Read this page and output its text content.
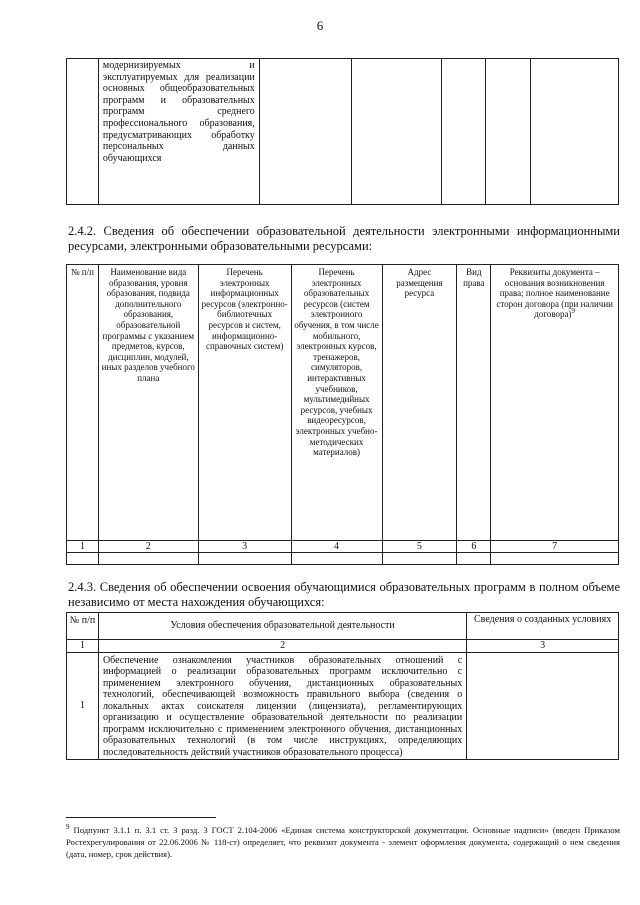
6
	модернизируемых и эксплуатируемых для реализации основных общеобразовательных программ и образовательных программ среднего профессионального образования, предусматривающих обработку персональных данных обучающихся					
2.4.2. Сведения об обеспечении образовательной деятельности электронными информационными ресурсами, электронными образовательными ресурсами:
№ п/п	Наименование вида образования, уровня образования, подвида дополнительного образования, образовательной программы с указанием предметов, курсов, дисциплин, модулей, иных разделов учебного плана	Перечень электронных информационных ресурсов (электронно-библиотечных ресурсов и систем, информационно-справочных систем)	Перечень электронных образовательных ресурсов (систем электронного обучения, в том числе мобильного, электронных курсов, тренажеров, симуляторов, интерактивных учебников, мультимедийных ресурсов, учебных видеоресурсов, электронных учебно-методических материалов)	Адрес размещения ресурса	Вид права	Реквизиты документа – основания возникновения права; полное наименование сторон договора (при наличии договора)$^9$
1	2	3	4	5	6	7

2.4.3. Сведения об обеспечении освоения обучающимися образовательных программ в полном объеме независимо от места нахождения обучающихся:
№ п/п	Условия обеспечения образовательной деятельности	Сведения о созданных условиях
1	2	3
1	Обеспечение ознакомления участников образовательных отношений с информацией о реализации образовательных программ исключительно с применением электронного обучения, дистанционных образовательных технологий, обеспечивающей возможность правильного выбора (сведения о локальных актах соискателя лицензии (лицензиата), регламентирующих организацию и осуществление образовательной деятельности по реализации программ исключительно с применением электронного обучения, дистанционных образовательных технологий (в том числе инструкциях, определяющих последовательность действий участников образовательного процесса)	
$^9$ Подпункт 3.1.1 п. 3.1 ст. 3 разд. 3 ГОСТ 2.104-2006 «Единая система конструкторской документации. Основные надписи» (введен Приказом Ростехрегулирования от 22.06.2006 № 118-ст) определяет, что реквизит документа - элемент оформления документа, содержащий о нем сведения (дата, номер, срок действия).
